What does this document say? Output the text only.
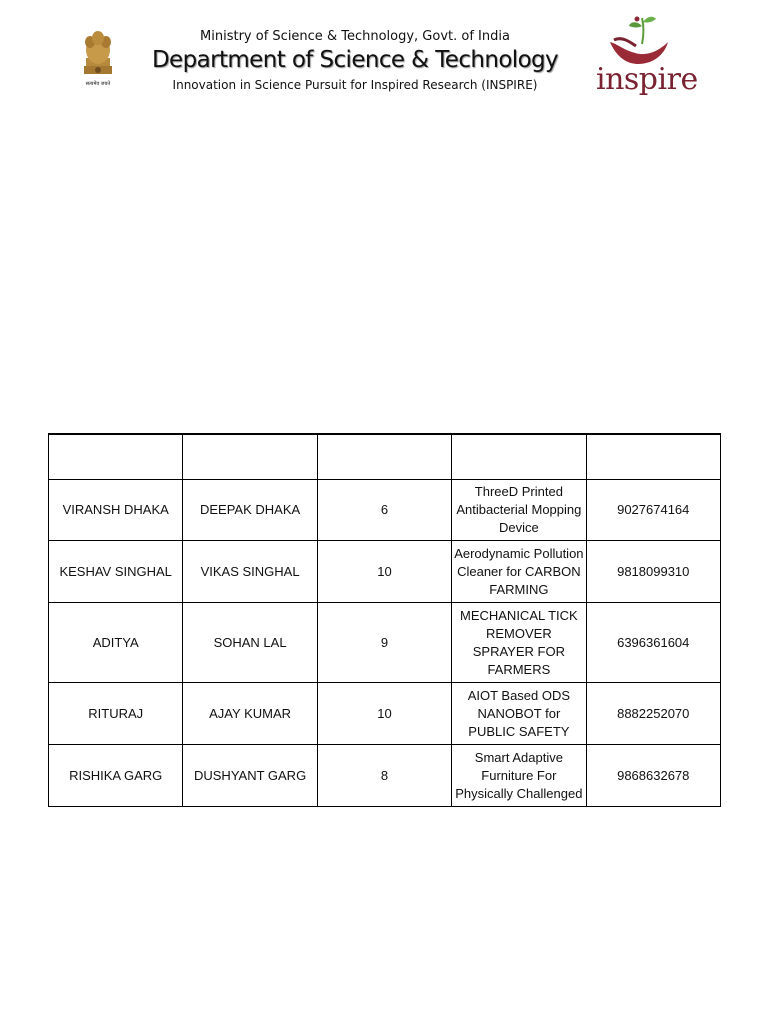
सत्यमेव जयते
Ministry of Science & Technology, Govt. of India
Department of Science & Technology
Innovation in Science Pursuit for Inspired Research (INSPIRE)	inspire

VIRANSH DHAKA	DEEPAK DHAKA	6	ThreeD Printed Antibacterial Mopping Device	9027674164
KESHAV SINGHAL	VIKAS SINGHAL	10	Aerodynamic Pollution Cleaner for CARBON FARMING	9818099310
ADITYA	SOHAN LAL	9	MECHANICAL TICK REMOVER SPRAYER FOR FARMERS	6396361604
RITURAJ	AJAY KUMAR	10	AIOT Based ODS NANOBOT for PUBLIC SAFETY	8882252070
RISHIKA GARG	DUSHYANT GARG	8	Smart Adaptive Furniture For Physically Challenged	9868632678
